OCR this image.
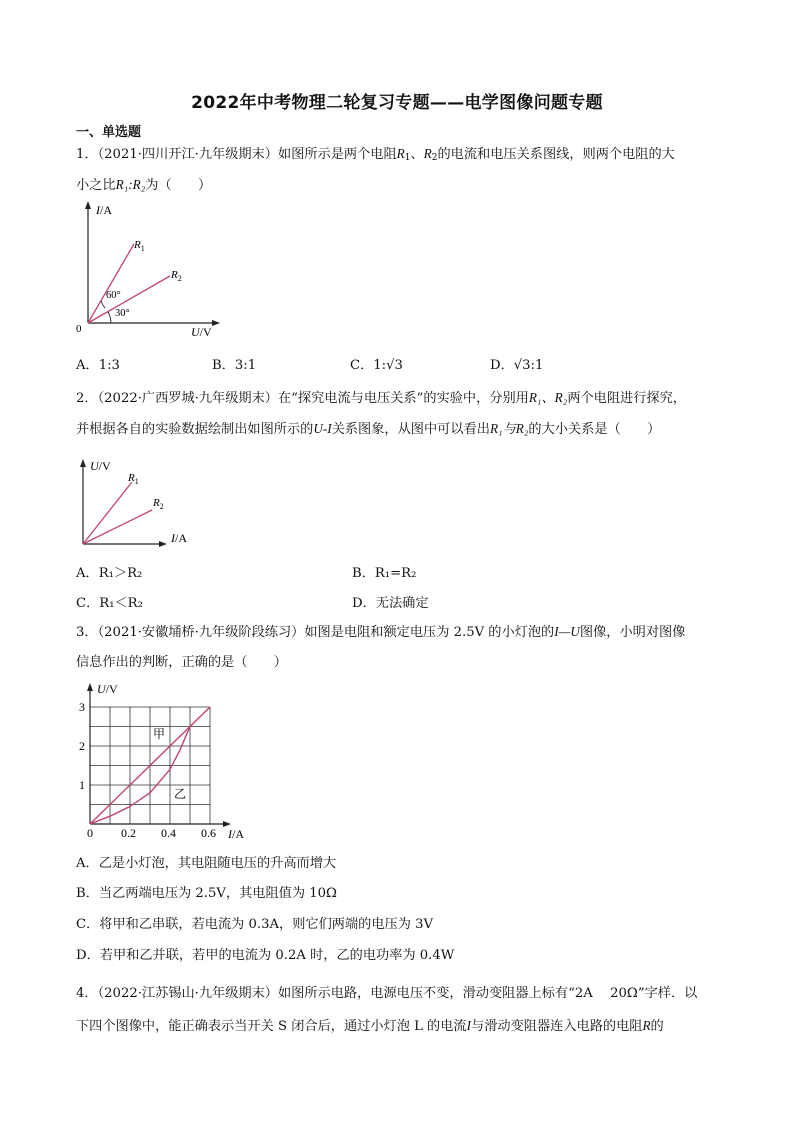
2022年中考物理二轮复习专题——电学图像问题专题
一、单选题
1．（2021·四川开江·九年级期末）如图所示是两个电阻$R_1$、$R_2$的电流和电压关系图线，则两个电阻的大
小之比R₁:R₂为（　　）
I/A
U/V
0
$R_1$
$R_2$
60°
30°
A．1:3	B．3:1	C．1:√3	D．√3:1
2．（2022·广西罗城·九年级期末）在“探究电流与电压关系”的实验中，分别用R₁、R₂两个电阻进行探究，
并根据各自的实验数据绘制出如图所示的U-I关系图象，从图中可以看出R₁与R₂的大小关系是（　　）
U/V
I/A
$R_1$
$R_2$
A．R₁＞R₂	B．R₁=R₂
C．R₁＜R₂	D．无法确定
3．（2021·安徽埇桥·九年级阶段练习）如图是电阻和额定电压为 2.5V 的小灯泡的I—U图像，小明对图像
信息作出的判断，正确的是（　　）
U/V
I/A
3
2
1
0 0.2 0.4 0.6
甲
乙
A．乙是小灯泡，其电阻随电压的升高而增大
B．当乙两端电压为 2.5V，其电阻值为 10Ω
C．将甲和乙串联，若电流为 0.3A，则它们两端的电压为 3V
D．若甲和乙并联，若甲的电流为 0.2A 时，乙的电功率为 0.4W
4．（2022·江苏锡山·九年级期末）如图所示电路，电源电压不变，滑动变阻器上标有“2A　 20Ω”字样．以
下四个图像中，能正确表示当开关 S 闭合后，通过小灯泡 L 的电流I与滑动变阻器连入电路的电阻R的
